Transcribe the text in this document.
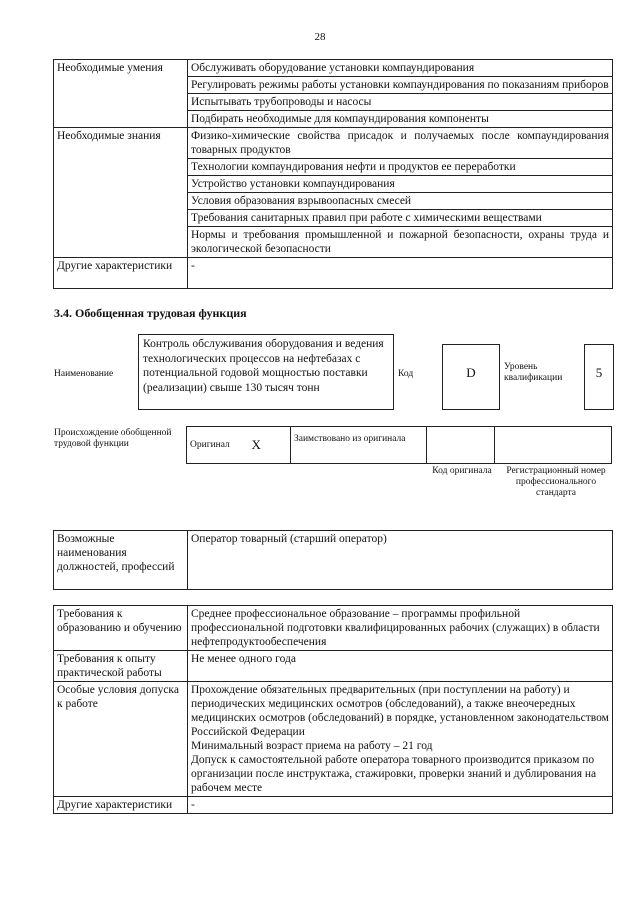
28
Необходимые умения	Обслуживать оборудование установки компаундирования
	Регулировать режимы работы установки компаундирования по показаниям приборов
	Испытывать трубопроводы и насосы
	Подбирать необходимые для компаундирования компоненты
Необходимые знания	Физико-химические свойства присадок и получаемых после компаундирования товарных продуктов
	Технологии компаундирования нефти и продуктов ее переработки
	Устройство установки компаундирования
	Условия образования взрывоопасных смесей
	Требования санитарных правил при работе с химическими веществами
	Нормы и требования промышленной и пожарной безопасности, охраны труда и экологической безопасности
Другие характеристики	-
3.4. Обобщенная трудовая функция
Наименование
Контроль обслуживания оборудования и ведения технологических процессов на нефтебазах с потенциальной годовой мощностью поставки (реализации) свыше 130 тысяч тонн
Код	D	Уровень квалификации	5
Происхождение обобщенной трудовой функции	Оригинал	X	Заимствовано из оригинала		
Код оригинала Регистрационный номер профессионального стандарта
Возможные наименования должностей, профессий	Оператор товарный (старший оператор)
Требования к образованию и обучению	Среднее профессиональное образование – программы профильной профессиональной подготовки квалифицированных рабочих (служащих) в области нефтепродуктообеспечения
Требования к опыту практической работы	Не менее одного года
Особые условия допуска к работе	Прохождение обязательных предварительных (при поступлении на работу) и периодических медицинских осмотров (обследований), а также внеочередных медицинских осмотров (обследований) в порядке, установленном законодательством Российской Федерации
Минимальный возраст приема на работу – 21 год
Допуск к самостоятельной работе оператора товарного производится приказом по организации после инструктажа, стажировки, проверки знаний и дублирования на рабочем месте

Другие характеристики	-
